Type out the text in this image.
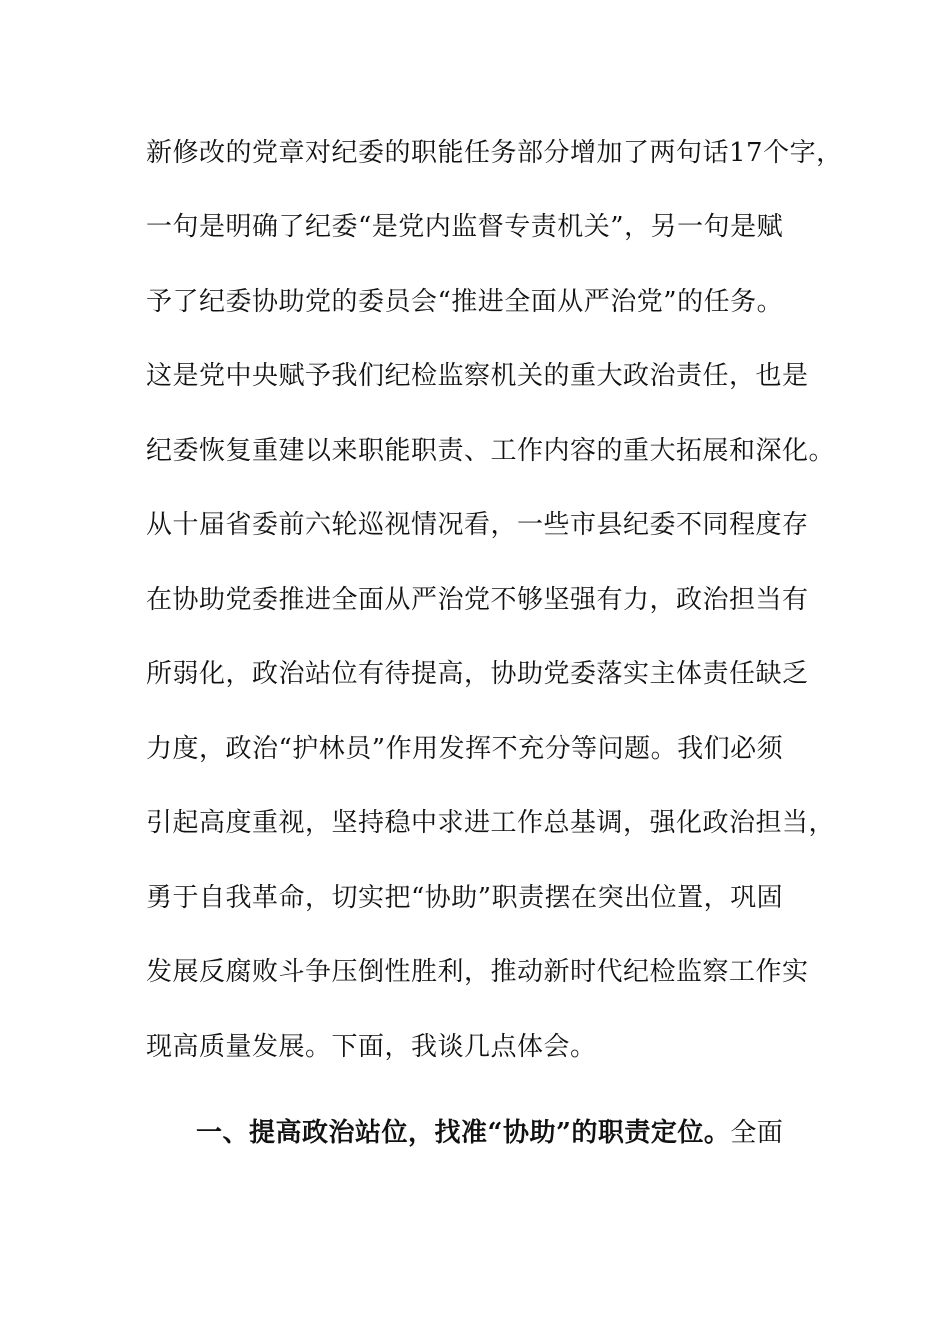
新修改的党章对纪委的职能任务部分增加了两句话17个字，
一句是明确了纪委“是党内监督专责机关”，另一句是赋
予了纪委协助党的委员会“推进全面从严治党”的任务。
这是党中央赋予我们纪检监察机关的重大政治责任，也是
纪委恢复重建以来职能职责、工作内容的重大拓展和深化。
从十届省委前六轮巡视情况看，一些市县纪委不同程度存
在协助党委推进全面从严治党不够坚强有力，政治担当有
所弱化，政治站位有待提高，协助党委落实主体责任缺乏
力度，政治“护林员”作用发挥不充分等问题。我们必须
引起高度重视，坚持稳中求进工作总基调，强化政治担当，
勇于自我革命，切实把“协助”职责摆在突出位置，巩固
发展反腐败斗争压倒性胜利，推动新时代纪检监察工作实
现高质量发展。下面，我谈几点体会。
一、提高政治站位，找准“协助”的职责定位。全面
